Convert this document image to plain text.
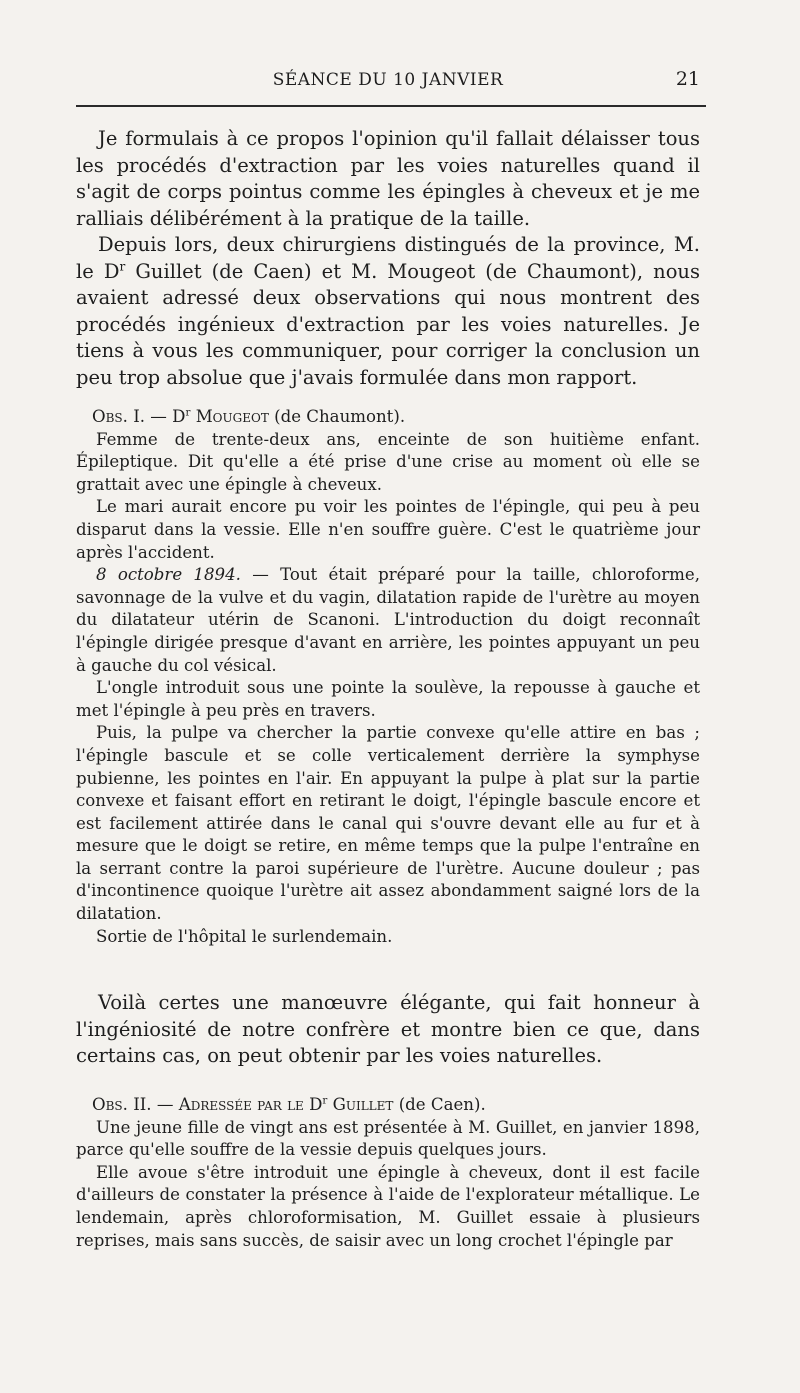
SÉANCE DU 10 JANVIER	21

Je formulais à ce propos l'opinion qu'il fallait délaisser tous les procédés d'extraction par les voies naturelles quand il s'agit de corps pointus comme les épingles à cheveux et je me ralliais délibérément à la pratique de la taille.

Depuis lors, deux chirurgiens distingués de la province, M. le $D^r$ Guillet (de Caen) et M. Mougeot (de Chaumont), nous avaient adressé deux observations qui nous montrent des procédés ingénieux d'extraction par les voies naturelles. Je tiens à vous les communiquer, pour corriger la conclusion un peu trop absolue que j'avais formulée dans mon rapport.

Obs. I. — $D^r$ Mougeot (de Chaumont).

Femme de trente-deux ans, enceinte de son huitième enfant. Épileptique. Dit qu'elle a été prise d'une crise au moment où elle se grattait avec une épingle à cheveux.

Le mari aurait encore pu voir les pointes de l'épingle, qui peu à peu disparut dans la vessie. Elle n'en souffre guère. C'est le quatrième jour après l'accident.

8 octobre 1894. — Tout était préparé pour la taille, chloroforme, savonnage de la vulve et du vagin, dilatation rapide de l'urètre au moyen du dilatateur utérin de Scanoni. L'introduction du doigt reconnaît l'épingle dirigée presque d'avant en arrière, les pointes appuyant un peu à gauche du col vésical.

L'ongle introduit sous une pointe la soulève, la repousse à gauche et met l'épingle à peu près en travers.

Puis, la pulpe va chercher la partie convexe qu'elle attire en bas ; l'épingle bascule et se colle verticalement derrière la symphyse pubienne, les pointes en l'air. En appuyant la pulpe à plat sur la partie convexe et faisant effort en retirant le doigt, l'épingle bascule encore et est facilement attirée dans le canal qui s'ouvre devant elle au fur et à mesure que le doigt se retire, en même temps que la pulpe l'entraîne en la serrant contre la paroi supérieure de l'urètre. Aucune douleur ; pas d'incontinence quoique l'urètre ait assez abondamment saigné lors de la dilatation.

Sortie de l'hôpital le surlendemain.

Voilà certes une manœuvre élégante, qui fait honneur à l'ingéniosité de notre confrère et montre bien ce que, dans certains cas, on peut obtenir par les voies naturelles.

Obs. II. — Adressée par le $D^r$ Guillet (de Caen).

Une jeune fille de vingt ans est présentée à M. Guillet, en janvier 1898, parce qu'elle souffre de la vessie depuis quelques jours.

Elle avoue s'être introduit une épingle à cheveux, dont il est facile d'ailleurs de constater la présence à l'aide de l'explorateur métallique. Le lendemain, après chloroformisation, M. Guillet essaie à plusieurs reprises, mais sans succès, de saisir avec un long crochet l'épingle par
